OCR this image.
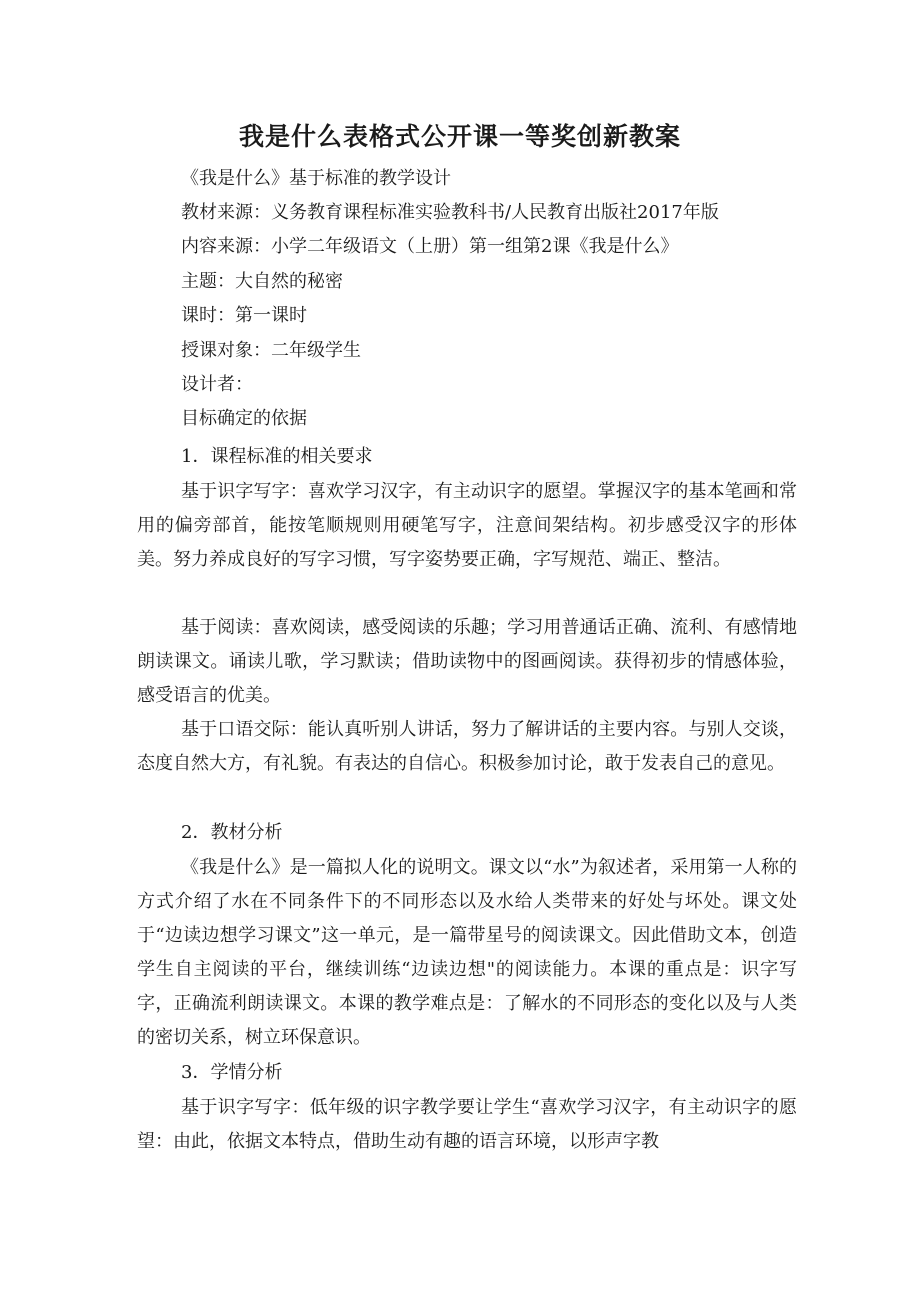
我是什么表格式公开课一等奖创新教案
《我是什么》基于标准的教学设计
教材来源：义务教育课程标准实验教科书/人民教育出版社2017年版
内容来源：小学二年级语文（上册）第一组第2课《我是什么》
主题：大自然的秘密
课时：第一课时
授课对象：二年级学生
设计者：
目标确定的依据
1．课程标准的相关要求
基于识字写字：喜欢学习汉字，有主动识字的愿望。掌握汉字的基本笔画和常用的偏旁部首，能按笔顺规则用硬笔写字，注意间架结构。初步感受汉字的形体美。努力养成良好的写字习惯，写字姿势要正确，字写规范、端正、整洁。
基于阅读：喜欢阅读，感受阅读的乐趣；学习用普通话正确、流利、有感情地朗读课文。诵读儿歌，学习默读；借助读物中的图画阅读。获得初步的情感体验，感受语言的优美。
基于口语交际：能认真听别人讲话，努力了解讲话的主要内容。与别人交谈，态度自然大方，有礼貌。有表达的自信心。积极参加讨论，敢于发表自己的意见。
2．教材分析
《我是什么》是一篇拟人化的说明文。课文以“水”为叙述者，采用第一人称的方式介绍了水在不同条件下的不同形态以及水给人类带来的好处与坏处。课文处于“边读边想学习课文”这一单元，是一篇带星号的阅读课文。因此借助文本，创造学生自主阅读的平台，继续训练“边读边想"的阅读能力。本课的重点是：识字写字，正确流利朗读课文。本课的教学难点是：了解水的不同形态的变化以及与人类的密切关系，树立环保意识。
3．学情分析
基于识字写字：低年级的识字教学要让学生“喜欢学习汉字，有主动识字的愿望：由此，依据文本特点，借助生动有趣的语言环境，以形声字教
